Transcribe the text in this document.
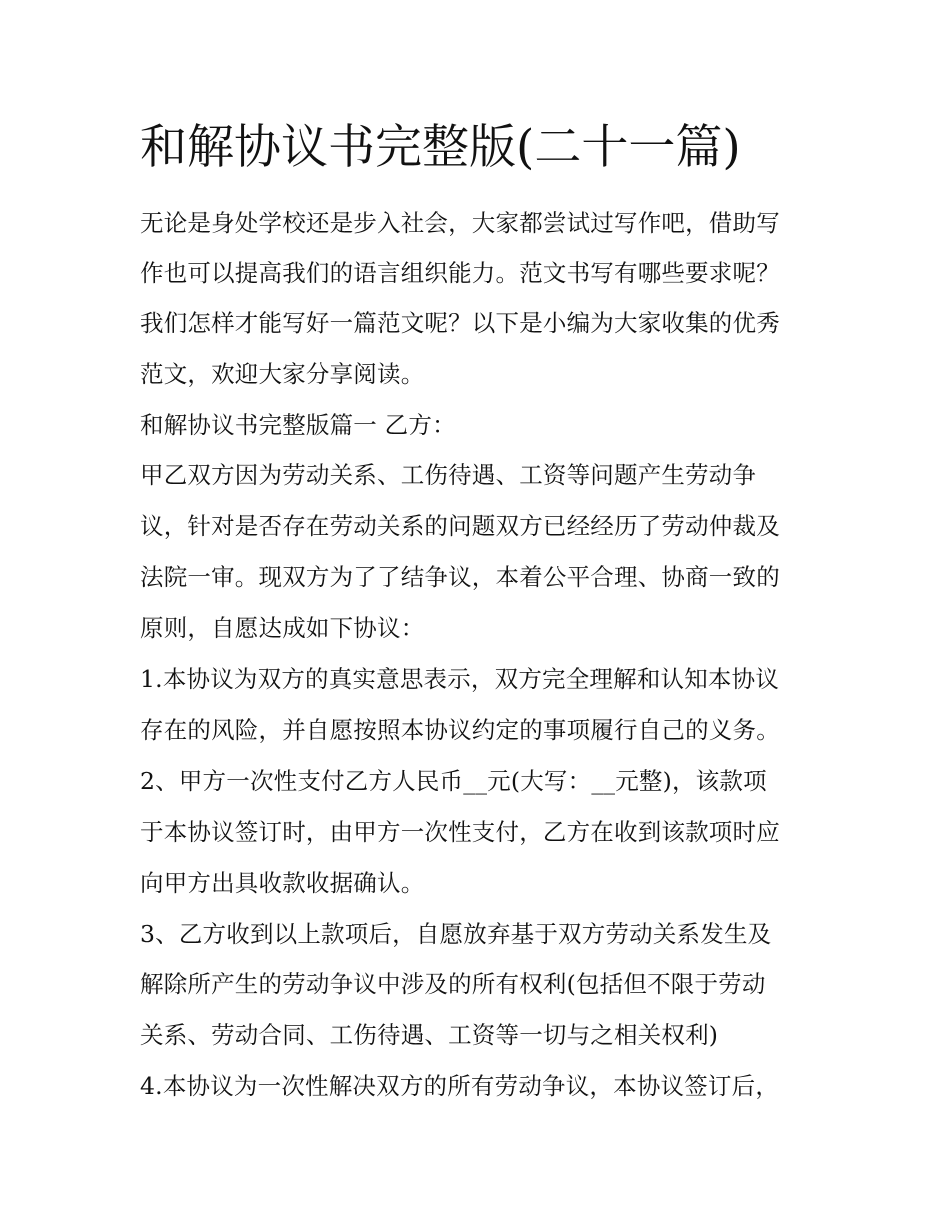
和解协议书完整版(二十一篇)

无论是身处学校还是步入社会，大家都尝试过写作吧，借助写

作也可以提高我们的语言组织能力。范文书写有哪些要求呢？

我们怎样才能写好一篇范文呢？以下是小编为大家收集的优秀

范文，欢迎大家分享阅读。

和解协议书完整版篇一 乙方：

甲乙双方因为劳动关系、工伤待遇、工资等问题产生劳动争

议，针对是否存在劳动关系的问题双方已经经历了劳动仲裁及

法院一审。现双方为了了结争议，本着公平合理、协商一致的

原则，自愿达成如下协议：

1.本协议为双方的真实意思表示，双方完全理解和认知本协议

存在的风险，并自愿按照本协议约定的事项履行自己的义务。

2、甲方一次性支付乙方人民币__元(大写：__元整)，该款项

于本协议签订时，由甲方一次性支付，乙方在收到该款项时应

向甲方出具收款收据确认。

3、乙方收到以上款项后，自愿放弃基于双方劳动关系发生及

解除所产生的劳动争议中涉及的所有权利(包括但不限于劳动

关系、劳动合同、工伤待遇、工资等一切与之相关权利)

4.本协议为一次性解决双方的所有劳动争议，本协议签订后，
